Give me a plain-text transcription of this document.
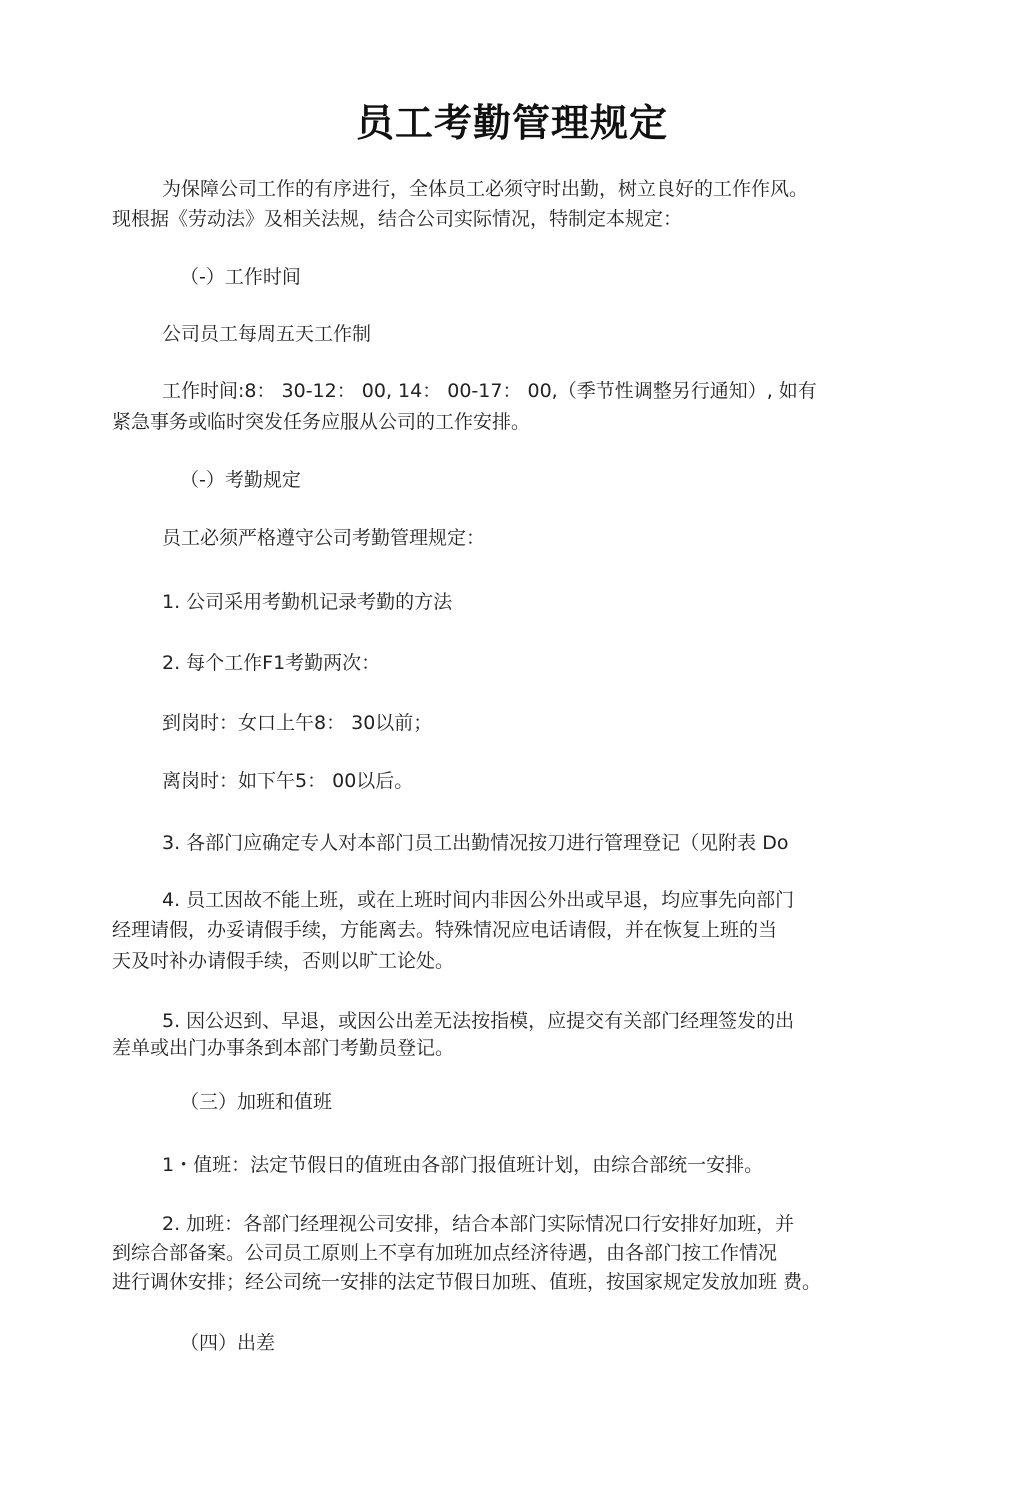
员工考勤管理规定

为保障公司工作的有序进行，全体员工必须守时出勤，树立良好的工作作风。

现根据《劳动法》及相关法规，结合公司实际情况，特制定本规定：

（-）工作时间

公司员工每周五天工作制

工作时间:8： 30-12： 00, 14： 00-17： 00,（季节性调整另行通知）, 如有

紧急事务或临时突发任务应服从公司的工作安排。

（-）考勤规定

员工必须严格遵守公司考勤管理规定：

1. 公司采用考勤机记录考勤的方法

2. 每个工作F1考勤两次：

到岗时：女口上午8： 30以前；

离岗时：如下午5： 00以后。

3. 各部门应确定专人对本部门员工出勤情况按刀进行管理登记（见附表 Do

4. 员工因故不能上班，或在上班时间内非因公外出或早退，均应事先向部门

经理请假，办妥请假手续，方能离去。特殊情况应电话请假，并在恢复上班的当

天及吋补办请假手续，否则以旷工论处。

5. 因公迟到、早退，或因公出差无法按指模，应提交有关部门经理签发的出

差单或出门办事条到本部门考勤员登记。

（三）加班和值班

1・值班：法定节假日的值班由各部门报值班计划，由综合部统一安排。

2. 加班：各部门经理视公司安排，结合本部门实际情况口行安排好加班，并

到综合部备案。公司员工原则上不享有加班加点经济待遇，由各部门按工作情况

进行调休安排；经公司统一安排的法定节假日加班、值班，按国家规定发放加班 费。

（四）出差
